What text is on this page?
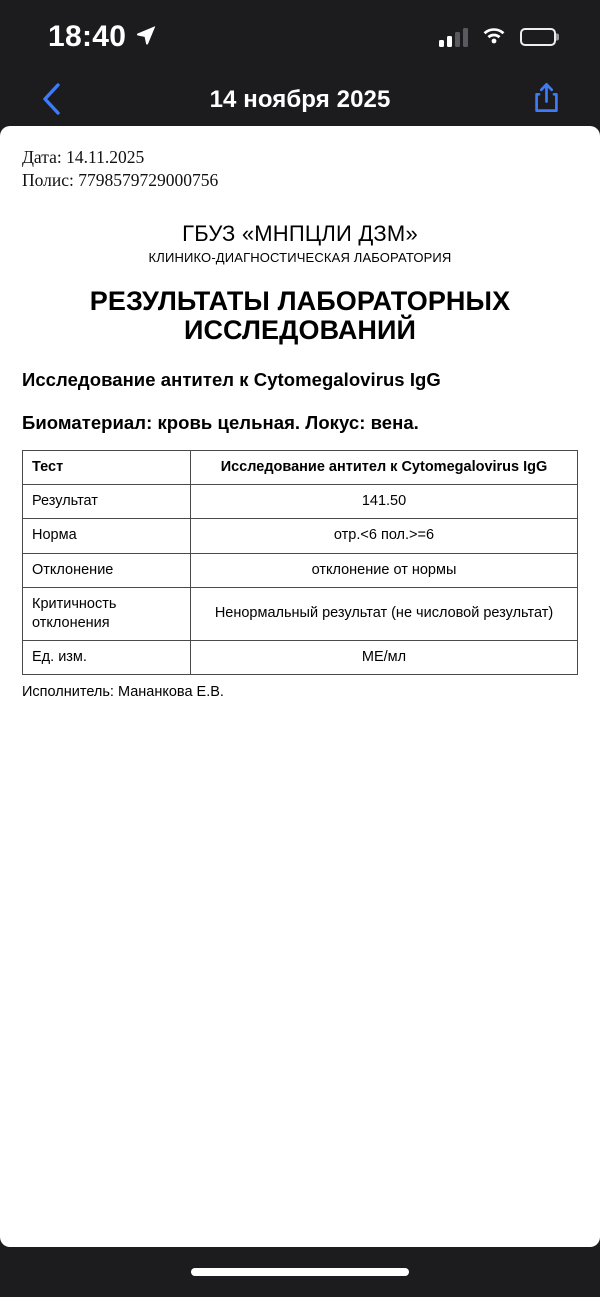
18:40
14 ноября 2025
Дата: 14.11.2025
Полис: 7798579729000756
ГБУЗ «МНПЦЛИ ДЗМ»
КЛИНИКО-ДИАГНОСТИЧЕСКАЯ ЛАБОРАТОРИЯ
РЕЗУЛЬТАТЫ ЛАБОРАТОРНЫХ ИССЛЕДОВАНИЙ
Исследование антител к Cytomegalovirus IgG
Биоматериал: кровь цельная. Локус: вена.
Тест	Исследование антител к Cytomegalovirus IgG
Результат	141.50
Норма	отр.<6 пол.>=6
Отклонение	отклонение от нормы
Критичность отклонения	Ненормальный результат (не числовой результат)
Ед. изм.	МЕ/мл
Исполнитель: Мананкова Е.В.
